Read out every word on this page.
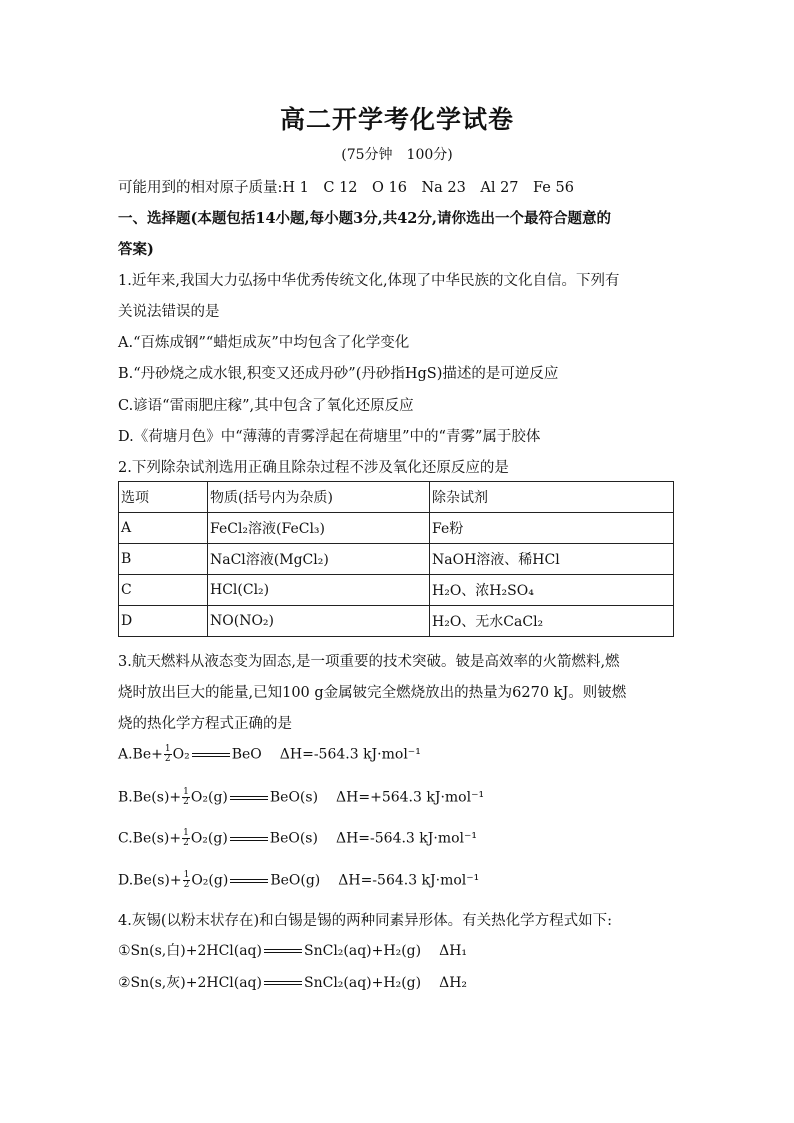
高二开学考化学试卷
(75分钟　100分)
可能用到的相对原子质量:H 1　C 12　O 16　Na 23　Al 27　Fe 56
一、选择题(本题包括14小题,每小题3分,共42分,请你选出一个最符合题意的
答案)
1.近年来,我国大力弘扬中华优秀传统文化,体现了中华民族的文化自信。下列有
关说法错误的是
A.“百炼成钢”“蜡炬成灰”中均包含了化学变化
B.“丹砂烧之成水银,积变又还成丹砂”(丹砂指HgS)描述的是可逆反应
C.谚语“雷雨肥庄稼”,其中包含了氧化还原反应
D.《荷塘月色》中“薄薄的青雾浮起在荷塘里”中的“青雾”属于胶体
2.下列除杂试剂选用正确且除杂过程不涉及氧化还原反应的是
选项	物质(括号内为杂质)	除杂试剂
A	FeCl₂溶液(FeCl₃)	Fe粉
B	NaCl溶液(MgCl₂)	NaOH溶液、稀HCl
C	HCl(Cl₂)	H₂O、浓H₂SO₄
D	NO(NO₂)	H₂O、无水CaCl₂
3.航天燃料从液态变为固态,是一项重要的技术突破。铍是高效率的火箭燃料,燃
烧时放出巨大的能量,已知100 g金属铍完全燃烧放出的热量为6270 kJ。则铍燃
烧的热化学方程式正确的是
$A.Be+ \frac{1}{2} O_2$	BeO ΔH=-564.3 kJ·mol⁻¹
$B.Be(s)+ \frac{1}{2} O_2(g)$	BeO(s) ΔH=+564.3 kJ·mol⁻¹
$C.Be(s)+ \frac{1}{2} O_2(g)$	BeO(s) ΔH=-564.3 kJ·mol⁻¹
$D.Be(s)+ \frac{1}{2} O_2(g)$	BeO(g) ΔH=-564.3 kJ·mol⁻¹
4.灰锡(以粉末状存在)和白锡是锡的两种同素异形体。有关热化学方程式如下:
①Sn(s,白)+2HCl(aq)	SnCl₂(aq)+H₂(g) ΔH₁
②Sn(s,灰)+2HCl(aq)	SnCl₂(aq)+H₂(g) ΔH₂
